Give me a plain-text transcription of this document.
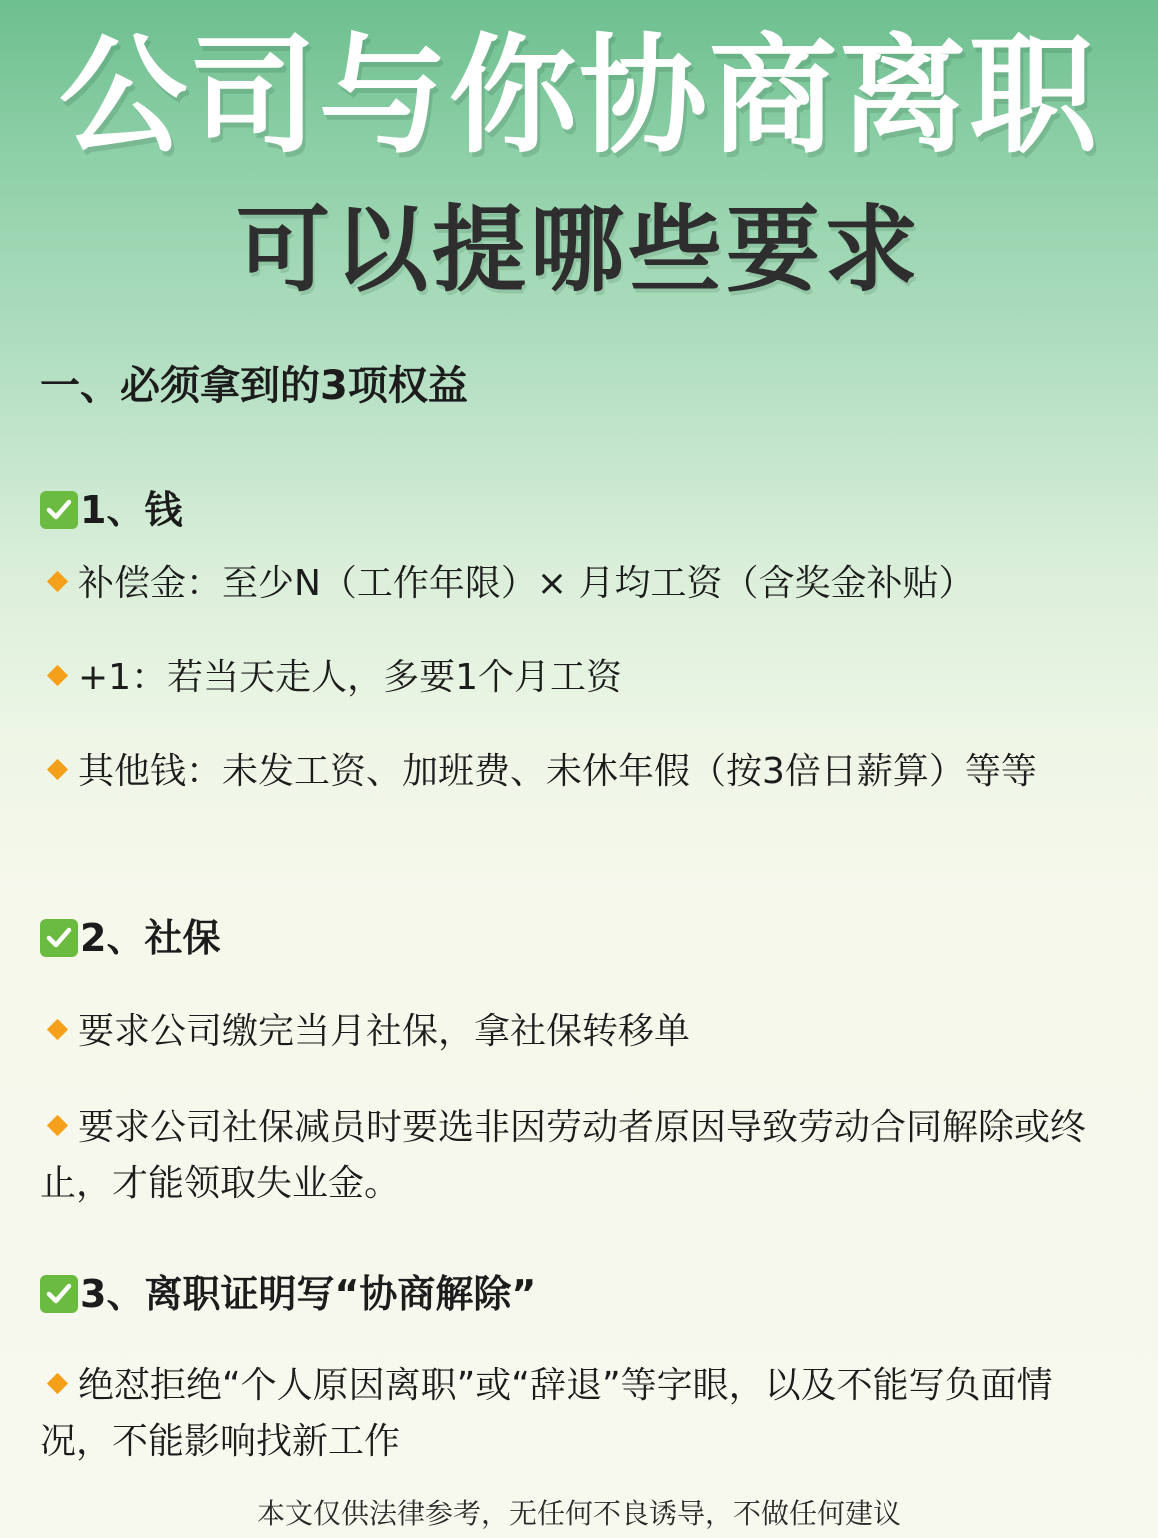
公司与你协商离职
可以提哪些要求
一、必须拿到的3项权益
1、钱
补偿金：至少N（工作年限）× 月均工资（含奖金补贴）
+1：若当天走人，多要1个月工资
其他钱：未发工资、加班费、未休年假（按3倍日薪算）等等
2、社保
要求公司缴完当月社保，拿社保转移单
要求公司社保减员时要选非因劳动者原因导致劳动合同解除或终止，才能领取失业金。
3、离职证明写“协商解除”
绝怼拒绝“个人原因离职”或“辞退”等字眼，以及不能写负面情况，不能影响找新工作
本文仅供法律参考，无任何不良诱导，不做任何建议
